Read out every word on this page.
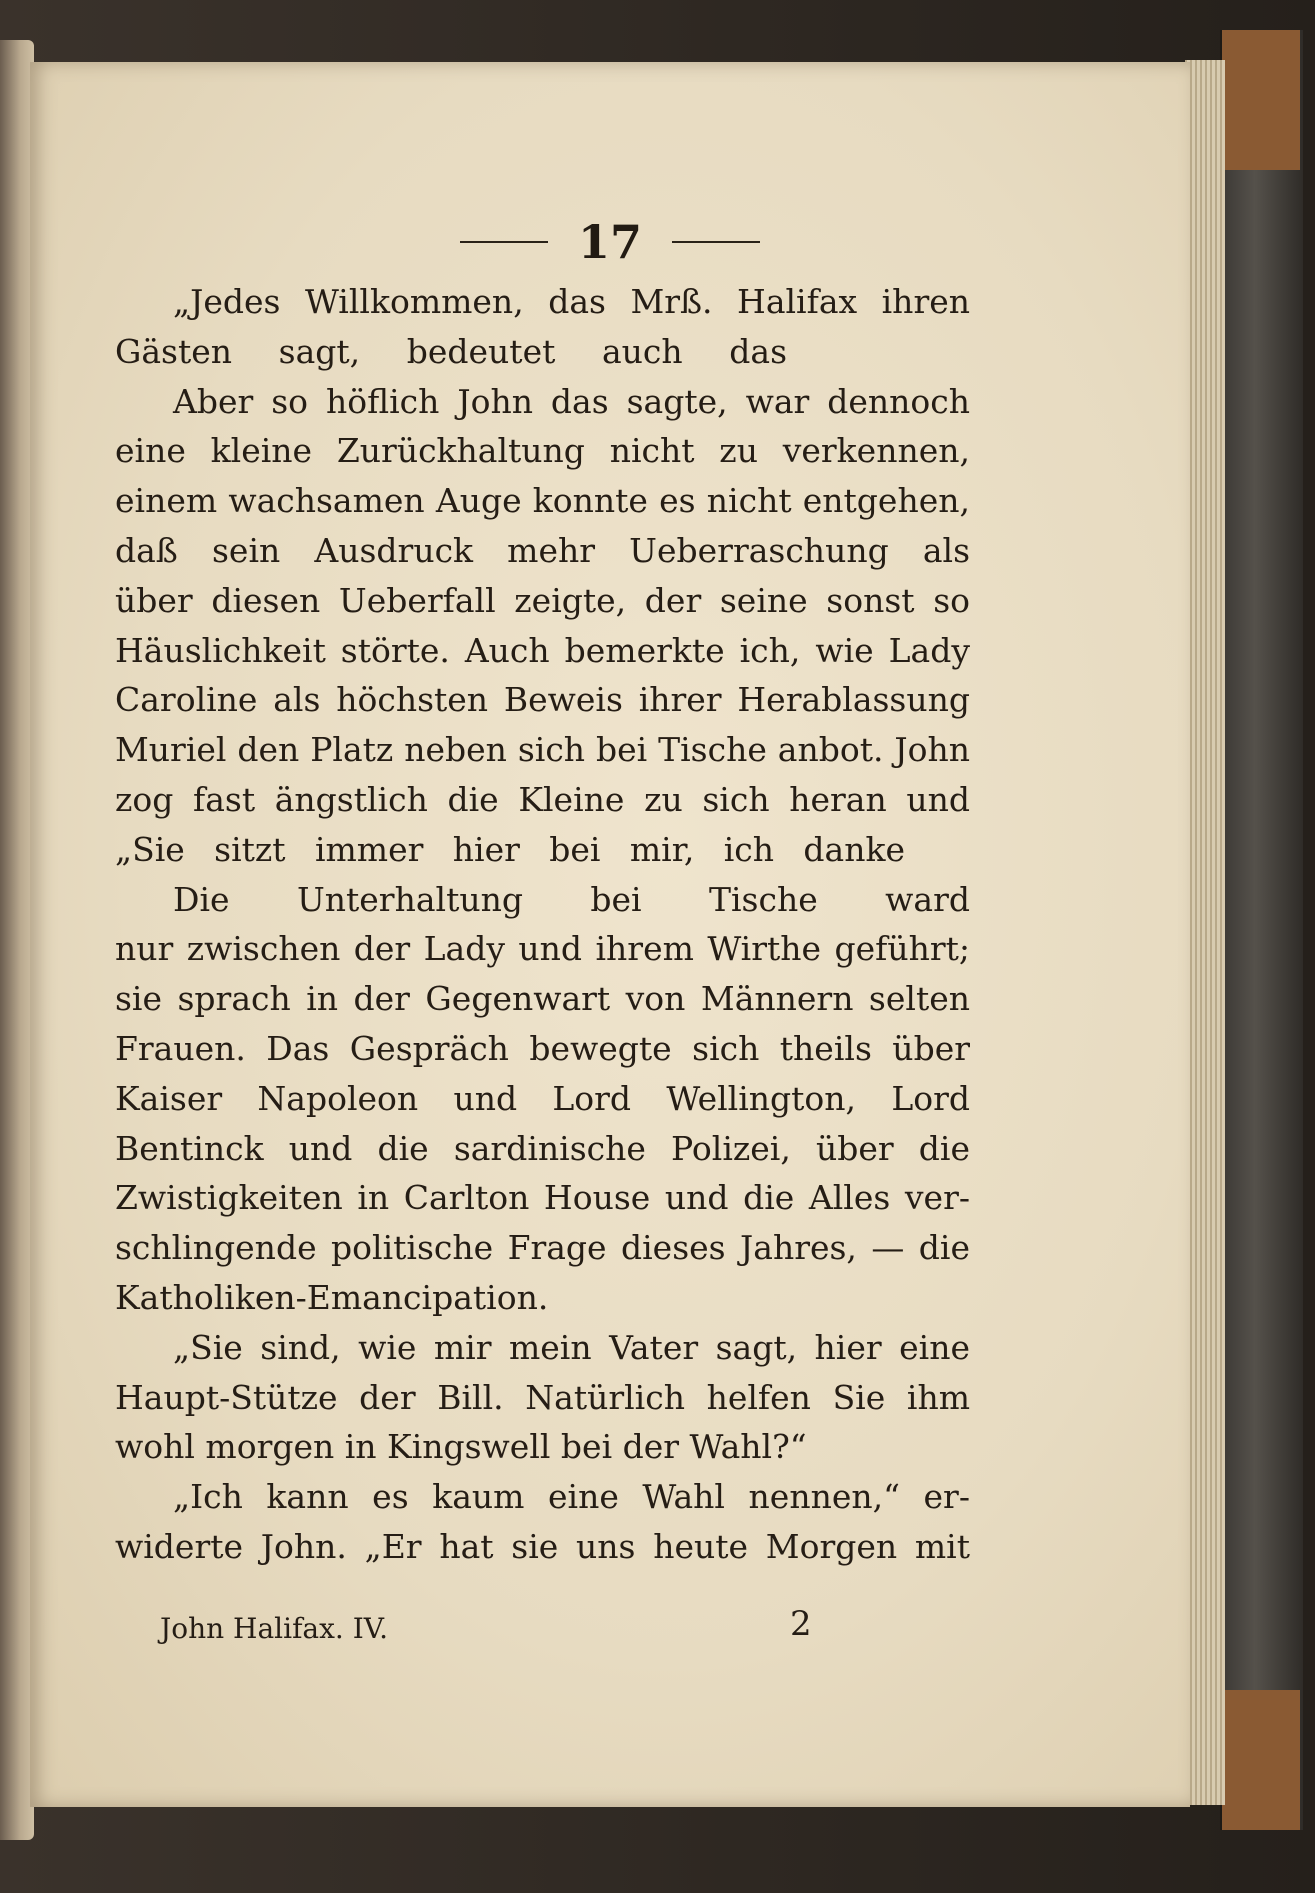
17
„Jedes Willkommen, das Mrß. Halifax ihren
Gästen sagt, bedeutet auch das
Aber so höflich John das sagte, war dennoch
eine kleine Zurückhaltung nicht zu verkennen,
einem wachsamen Auge konnte es nicht entgehen,
daß sein Ausdruck mehr Ueberraschung als
über diesen Ueberfall zeigte, der seine sonst so
Häuslichkeit störte. Auch bemerkte ich, wie Lady
Caroline als höchsten Beweis ihrer Herablassung
Muriel den Platz neben sich bei Tische anbot. John
zog fast ängstlich die Kleine zu sich heran und
„Sie sitzt immer hier bei mir, ich danke
Die Unterhaltung bei Tische ward
nur zwischen der Lady und ihrem Wirthe geführt;
sie sprach in der Gegenwart von Männern selten
Frauen. Das Gespräch bewegte sich theils über
Kaiser Napoleon und Lord Wellington, Lord
Bentinck und die sardinische Polizei, über die
Zwistigkeiten in Carlton House und die Alles ver-
schlingende politische Frage dieses Jahres, — die
Katholiken-Emancipation.
„Sie sind, wie mir mein Vater sagt, hier eine
Haupt-Stütze der Bill. Natürlich helfen Sie ihm
wohl morgen in Kingswell bei der Wahl?“
„Ich kann es kaum eine Wahl nennen,“ er-
widerte John. „Er hat sie uns heute Morgen mit
John Halifax. IV.	2
